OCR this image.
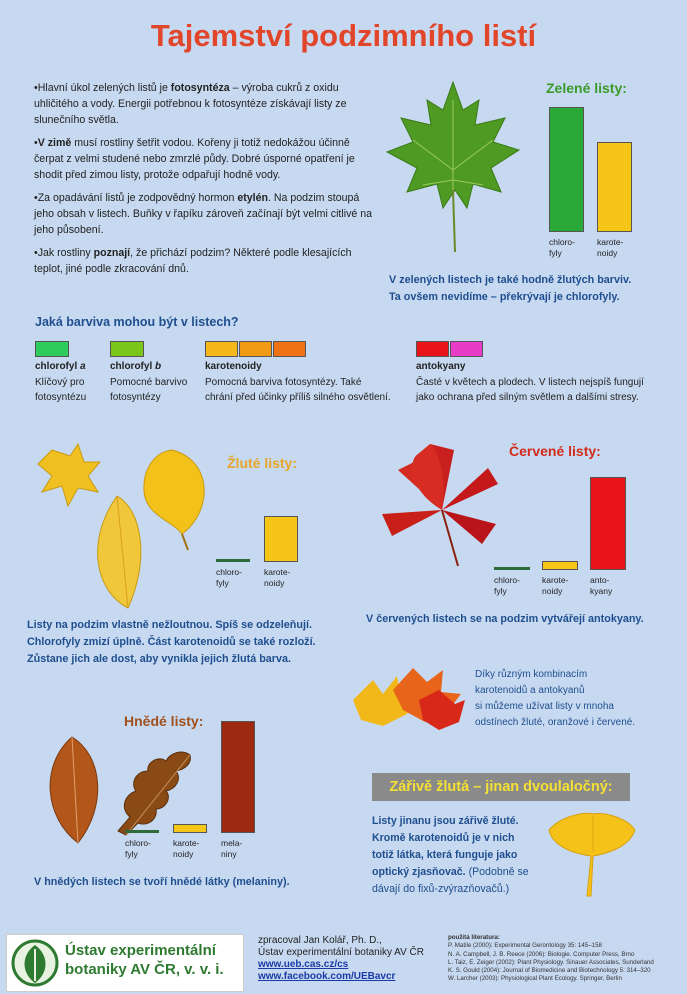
Tajemství podzimního listí

•Hlavní úkol zelených listů je fotosyntéza – výroba cukrů z oxidu uhličitého a vody. Energii potřebnou k fotosyntéze získávají listy ze slunečního světla.

•V zimě musí rostliny šetřit vodou. Kořeny ji totiž nedokážou účinně čerpat z velmi studené nebo zmrzlé půdy. Dobré úsporné opatření je shodit před zimou listy, protože odpařují hodně vody.

•Za opadávání listů je zodpovědný hormon etylén. Na podzim stoupá jeho obsah v listech. Buňky v řapíku zároveň začínají být velmi citlivé na jeho působení.

•Jak rostliny poznají, že přichází podzim? Některé podle klesajících teplot, jiné podle zkracování dnů.

Zelené listy:
chloro-
fyly
karote-
noidy
V zelených listech je také hodně žlutých barviv.
Ta ovšem nevidíme – překrývají je chlorofyly.
Jaká barviva mohou být v listech?
chlorofyl a
Klíčový pro
fotosyntézu
chlorofyl b
Pomocné barvivo
fotosyntézy
karotenoidy
Pomocná barviva fotosyntézy. Také
chrání před účinky příliš silného osvětlení.
antokyany
Časté v květech a plodech. V listech nejspíš fungují
jako ochrana před silným světlem a dalšími stresy.
Žluté listy:
chloro-
fyly
karote-
noidy
Listy na podzim vlastně nežloutnou. Spíš se odzeleňují.
Chlorofyly zmizí úplně. Část karotenoidů se také rozloží.
Zůstane jich ale dost, aby vynikla jejich žlutá barva.
Červené listy:
chloro-
fyly
karote-
noidy
anto-
kyany
V červených listech se na podzim vytvářejí antokyany.
Díky různým kombinacím
karotenoidů a antokyanů
si můžeme užívat listy v mnoha
odstínech žluté, oranžové i červené.
Hnědé listy:
chloro-
fyly
karote-
noidy
mela-
niny
V hnědých listech se tvoří hnědé látky (melaniny).
Zářivě žlutá – jinan dvoulaločný:
Listy jinanu jsou zářivě žluté.
Kromě karotenoidů je v nich
totiž látka, která funguje jako
optický zjasňovač. (Podobně se
dávají do fixů-zvýrazňovačů.)
Ústav experimentální
botaniky AV ČR, v. v. i.
zpracoval Jan Kolář, Ph. D.,
Ústav experimentální botaniky AV ČR
www.ueb.cas.cz/cs
www.facebook.com/UEBavcr
použitá literatura:
P. Matile (2000): Experimental Gerontology 35: 145–158
N. A. Campbell, J. B. Reece (2006): Biologie. Computer Press, Brno
L. Taiz, E. Zeiger (2002): Plant Physiology. Sinauer Associates, Sunderland
K. S. Gould (2004): Journal of Biomedicine and Biotechnology 5: 314–320
W. Larcher (2003): Physiological Plant Ecology. Springer, Berlin
